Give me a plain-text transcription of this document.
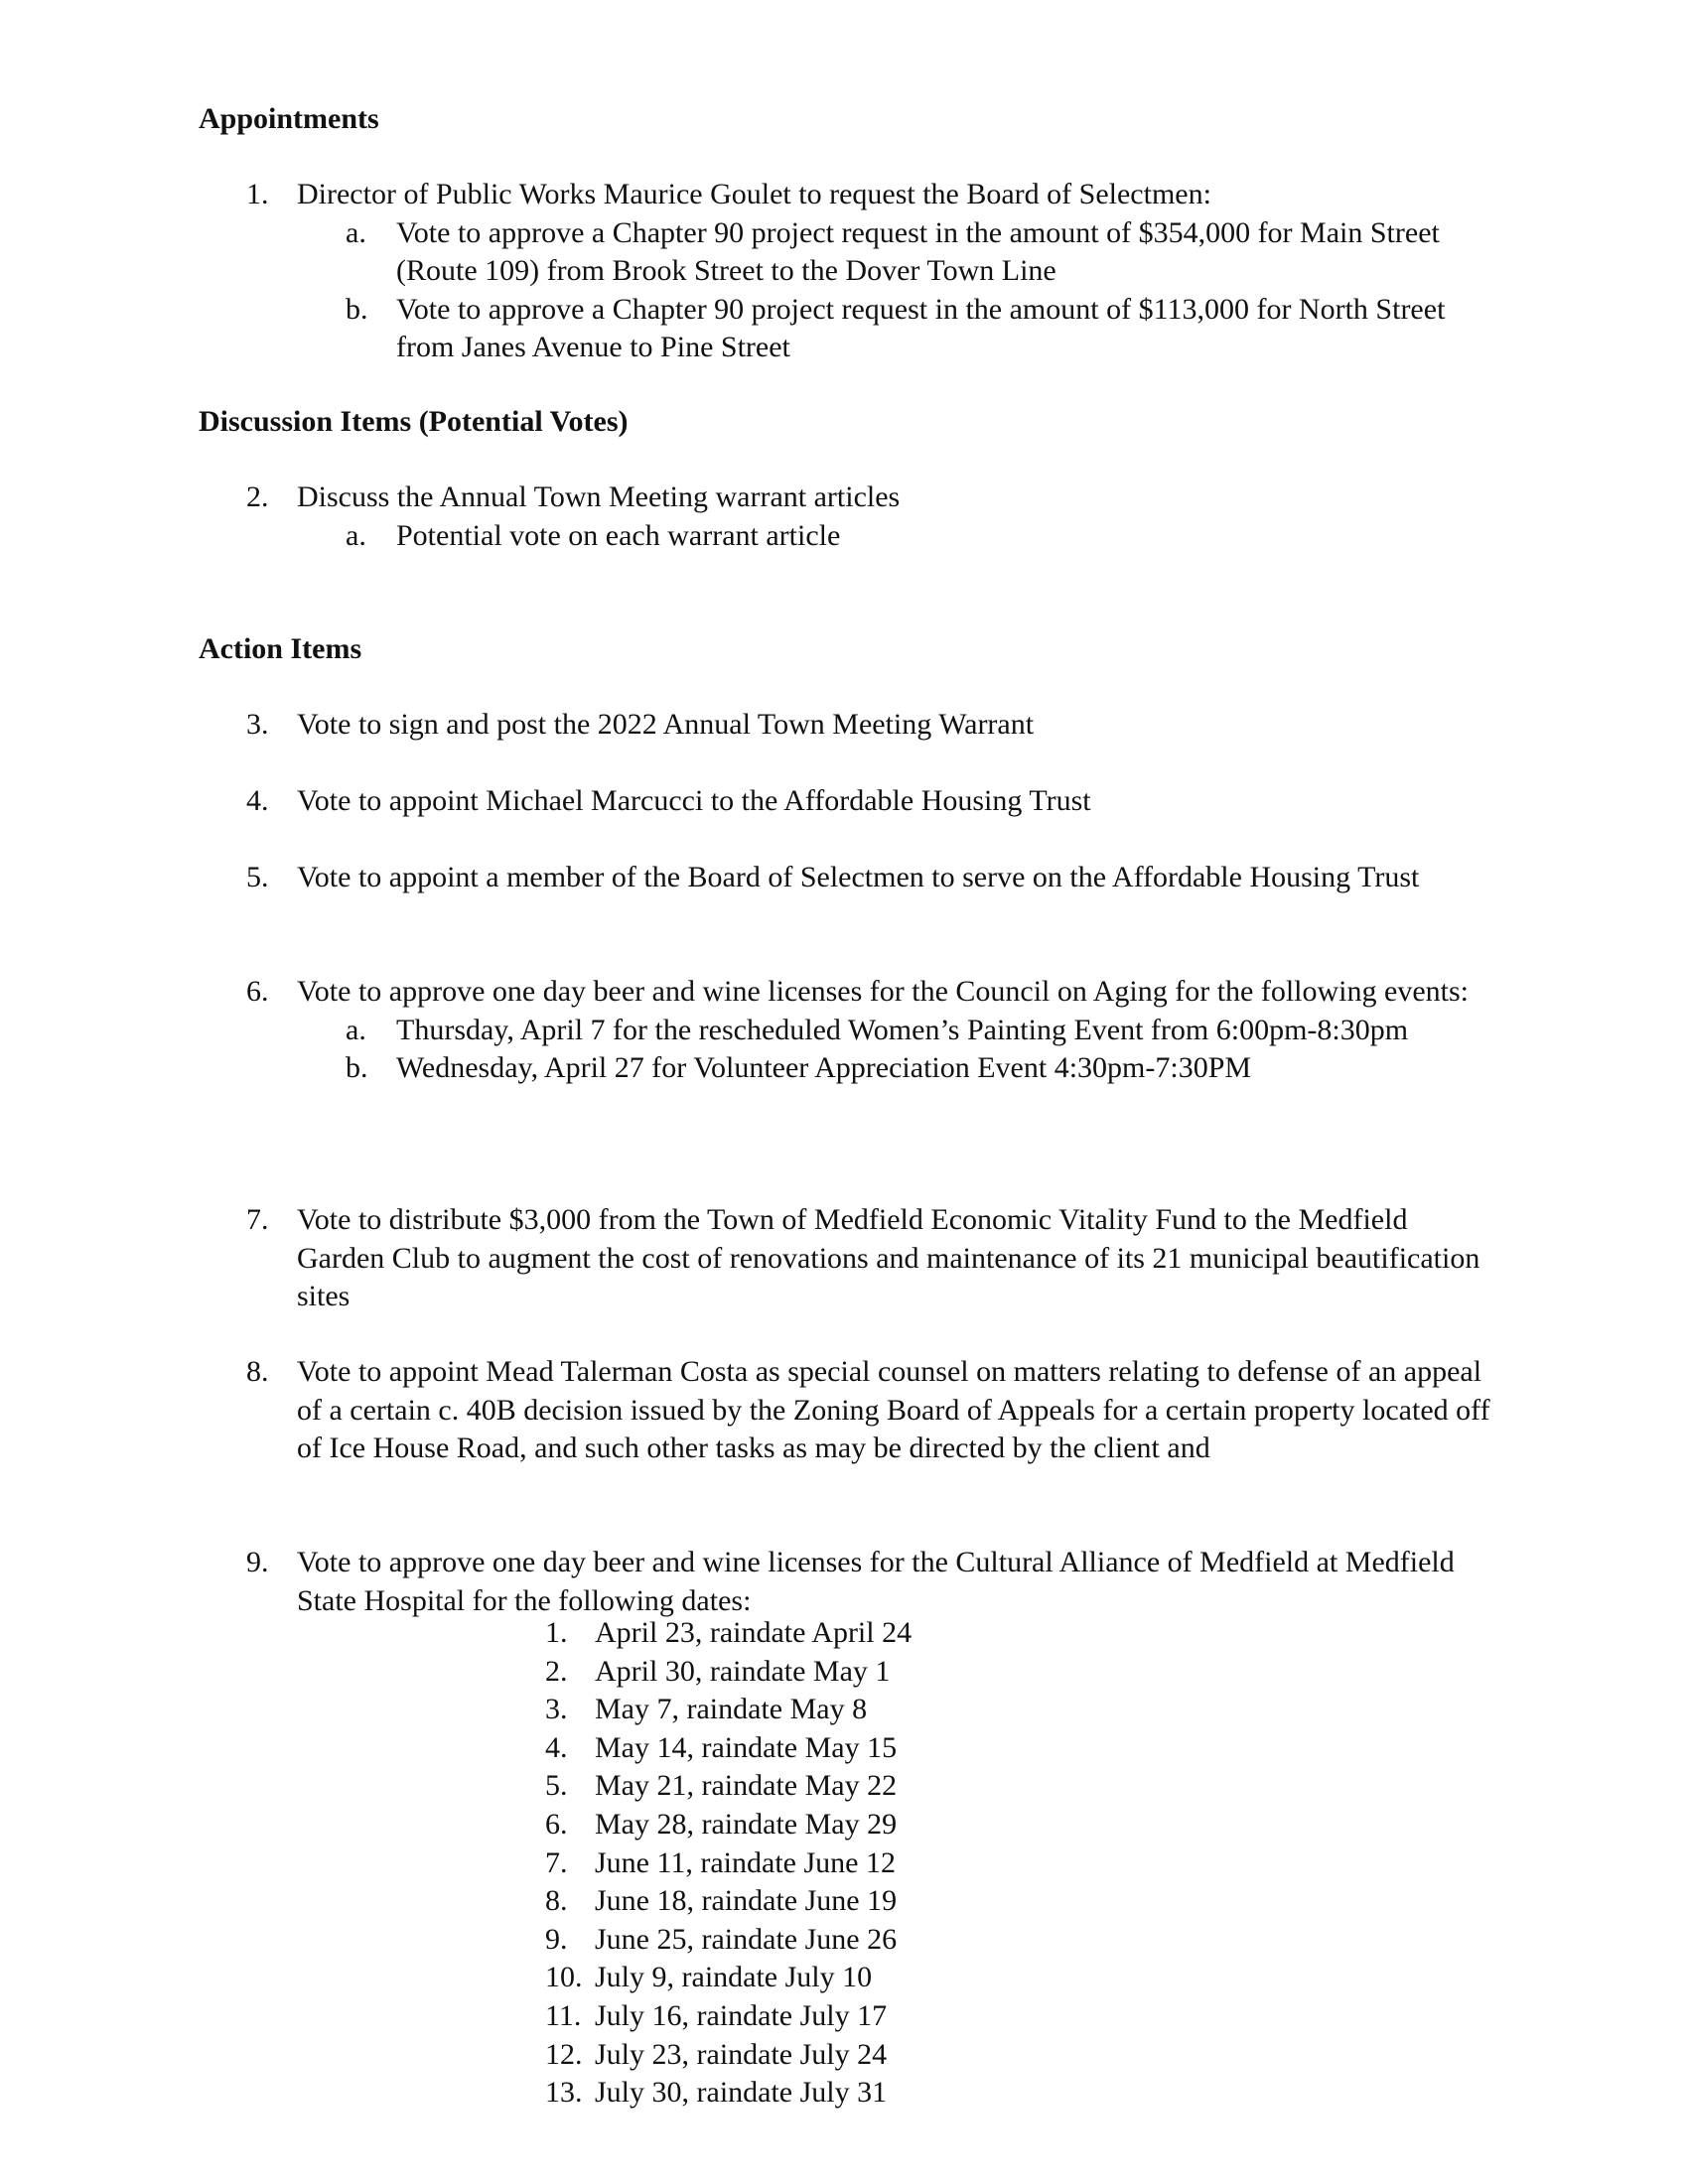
Appointments
1. Director of Public Works Maurice Goulet to request the Board of Selectmen:
a.	Vote to approve a Chapter 90 project request in the amount of $354,000 for Main Street (Route 109) from Brook Street to the Dover Town Line
b. Vote to approve a Chapter 90 project request in the amount of $113,000 for North Street from Janes Avenue to Pine Street
Discussion Items (Potential Votes)
2. Discuss the Annual Town Meeting warrant articles
a.	Potential vote on each warrant article
Action Items
3. Vote to sign and post the 2022 Annual Town Meeting Warrant
4. Vote to appoint Michael Marcucci to the Affordable Housing Trust
5. Vote to appoint a member of the Board of Selectmen to serve on the Affordable Housing Trust
6. Vote to approve one day beer and wine licenses for the Council on Aging for the following events:
a.	Thursday, April 7 for the rescheduled Women’s Painting Event from 6:00pm-8:30pm
b. Wednesday, April 27 for Volunteer Appreciation Event 4:30pm-7:30PM
7. Vote to distribute $3,000 from the Town of Medfield Economic Vitality Fund to the Medfield Garden Club to augment the cost of renovations and maintenance of its 21 municipal beautification sites
8. Vote to appoint Mead Talerman Costa as special counsel on matters relating to defense of an appeal of a certain c. 40B decision issued by the Zoning Board of Appeals for a certain property located off of Ice House Road, and such other tasks as may be directed by the client and
9. Vote to approve one day beer and wine licenses for the Cultural Alliance of Medfield at Medfield State Hospital for the following dates:
1. April 23, raindate April 24
2. April 30, raindate May 1
3. May 7, raindate May 8
4. May 14, raindate May 15
5. May 21, raindate May 22
6. May 28, raindate May 29
7. June 11, raindate June 12
8. June 18, raindate June 19
9. June 25, raindate June 26
10. July 9, raindate July 10
11. July 16, raindate July 17
12. July 23, raindate July 24
13. July 30, raindate July 31
